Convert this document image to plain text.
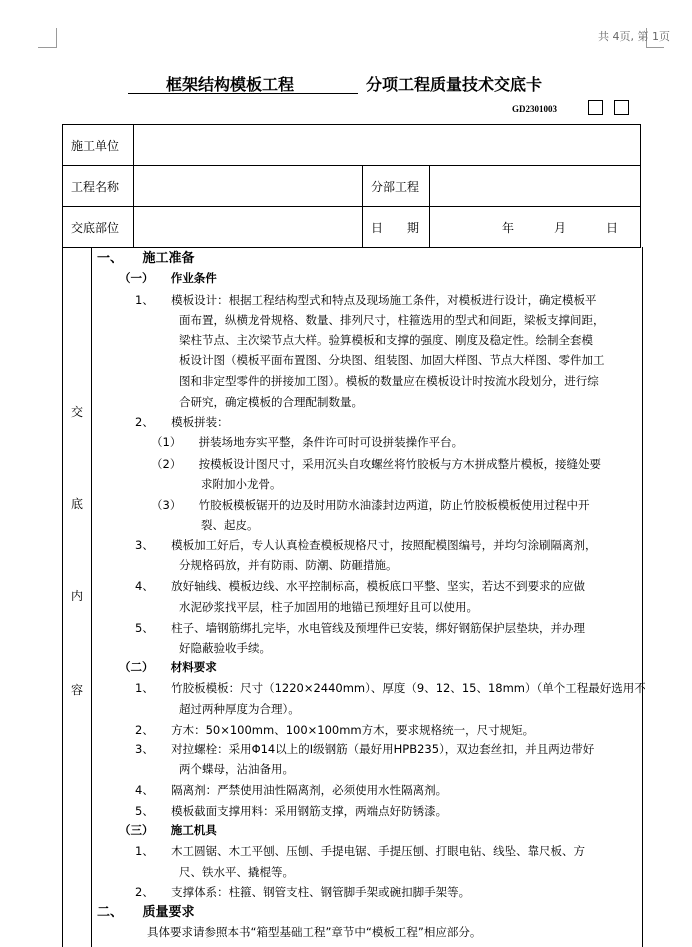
共 4页, 第 1页
框架结构模板工程	分项工程质量技术交底卡
GD2301003
施工单位			
工程名称		分部工程	
交底部位		日　　期	年 月 日
交
底
内
容
一、　　施工准备
（一）　　作业条件
1、　　模板设计：根据工程结构型式和特点及现场施工条件，对模板进行设计，确定模板平
面布置，纵横龙骨规格、数量、排列尺寸，柱箍选用的型式和间距，梁板支撑间距，
梁柱节点、主次梁节点大样。验算模板和支撑的强度、刚度及稳定性。绘制全套模
板设计图（模板平面布置图、分块图、组装图、加固大样图、节点大样图、零件加工
图和非定型零件的拼接加工图）。模板的数量应在模板设计时按流水段划分，进行综
合研究，确定模板的合理配制数量。
2、　　模板拼装：
（1）　　拼装场地夯实平整，条件许可时可设拼装操作平台。
（2）　　按模板设计图尺寸，采用沉头自攻螺丝将竹胶板与方木拼成整片模板，接缝处要
求附加小龙骨。
（3）　　竹胶板模板锯开的边及时用防水油漆封边两道，防止竹胶板模板使用过程中开
裂、起皮。
3、　　模板加工好后，专人认真检查模板规格尺寸，按照配模图编号，并均匀涂刷隔离剂，
分规格码放，并有防雨、防潮、防砸措施。
4、　　放好轴线、模板边线、水平控制标高，模板底口平整、坚实，若达不到要求的应做
水泥砂浆找平层，柱子加固用的地锚已预埋好且可以使用。
5、　　柱子、墙钢筋绑扎完毕，水电管线及预埋件已安装，绑好钢筋保护层垫块，并办理
好隐蔽验收手续。
（二）　　材料要求
1、　　竹胶板模板：尺寸（1220×2440mm）、厚度（9、12、15、18mm）（单个工程最好选用不
超过两种厚度为合理）。
2、　　方木：50×100mm、100×100mm方木，要求规格统一，尺寸规矩。
3、　　对拉螺栓：采用Φ14以上的Ⅰ级钢筋（最好用HPB235），双边套丝扣，并且两边带好
两个蝶母，沾油备用。
4、　　隔离剂：严禁使用油性隔离剂，必须使用水性隔离剂。
5、　　模板截面支撑用料：采用钢筋支撑，两端点好防锈漆。
（三）　　施工机具
1、　　木工圆锯、木工平刨、压刨、手提电锯、手提压刨、打眼电钻、线坠、靠尺板、方
尺、铁水平、撬棍等。
2、　　支撑体系：柱箍、钢管支柱、钢管脚手架或碗扣脚手架等。
二、　　质量要求
具体要求请参照本书“箱型基础工程”章节中“模板工程”相应部分。
